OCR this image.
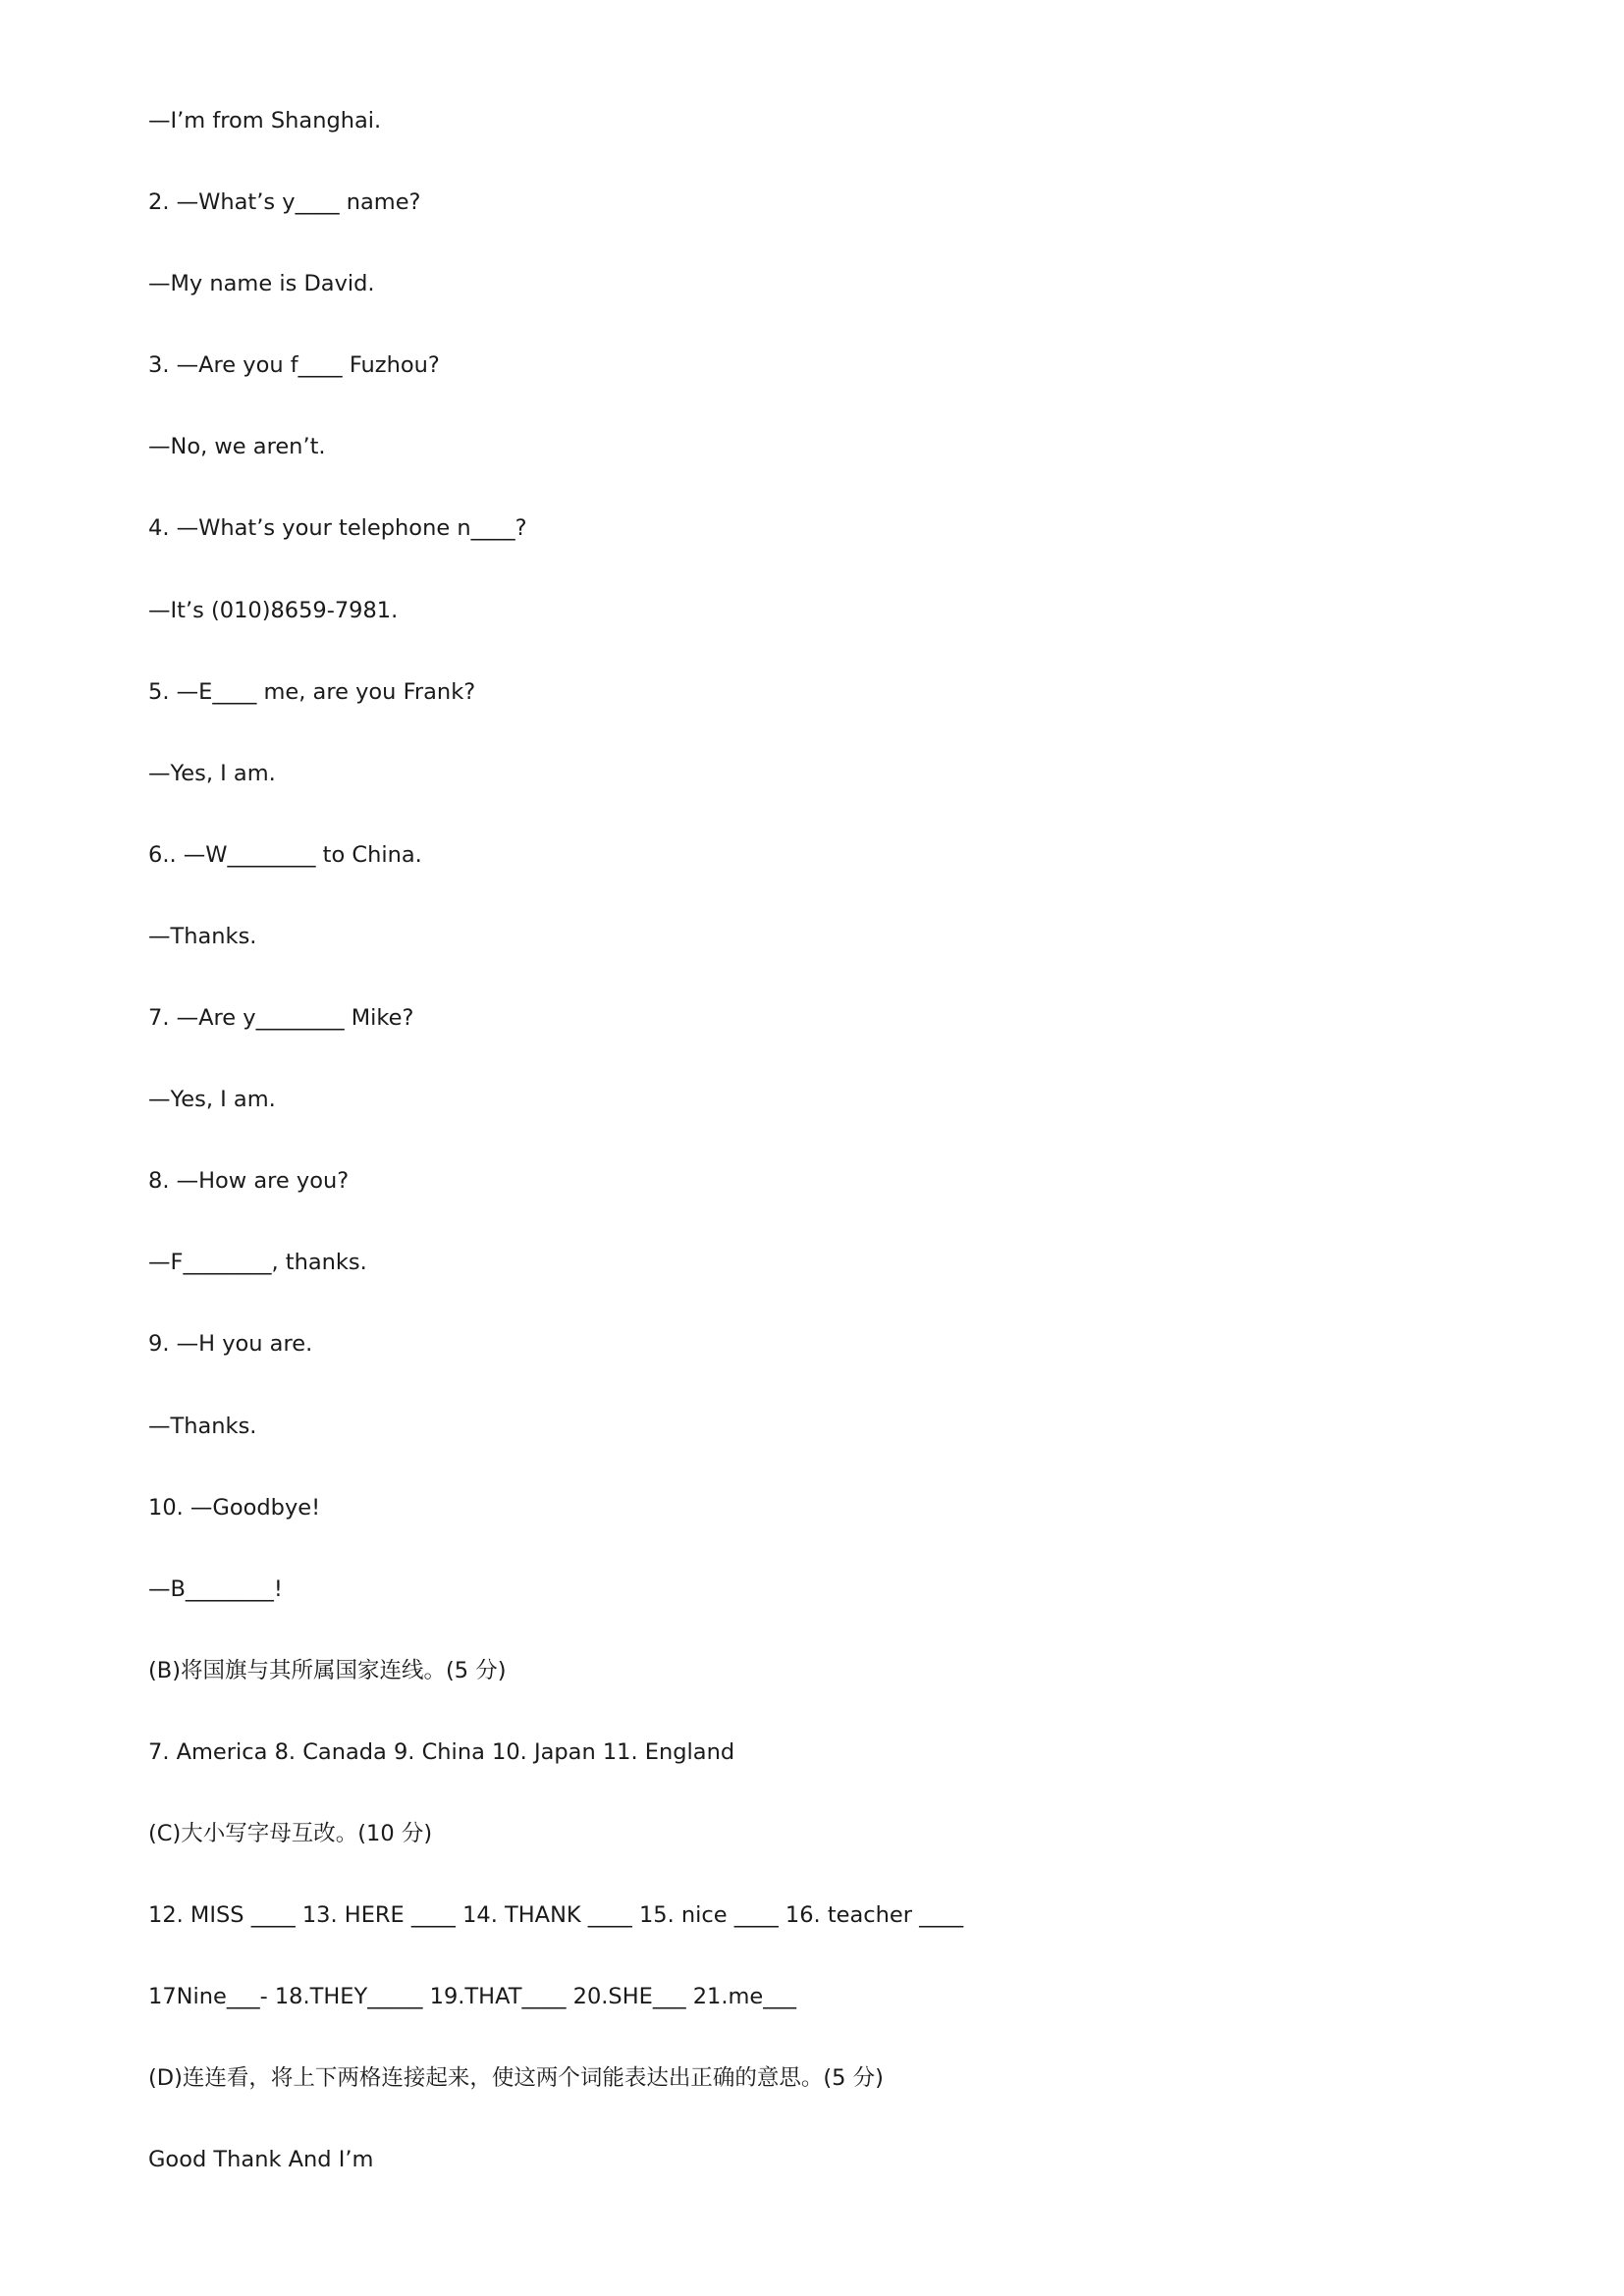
—I’m from Shanghai.
2. —What’s y____ name?
—My name is David.
3. —Are you f____ Fuzhou?
—No, we aren’t.
4. —What’s your telephone n____?
—It’s (010)8659-7981.
5. —E____ me, are you Frank?
—Yes, I am.
6.. —W________ to China.
—Thanks.
7. —Are y________ Mike?
—Yes, I am.
8. —How are you?
—F________, thanks.
9. —H you are.
—Thanks.
10. —Goodbye!
—B________!
(B)将国旗与其所属国家连线。(5 分)
7. America 8. Canada 9. China 10. Japan 11. England
(C)大小写字母互改。(10 分)
12. MISS ____ 13. HERE ____ 14. THANK ____ 15. nice ____ 16. teacher ____
17Nine___- 18.THEY_____ 19.THAT____ 20.SHE___ 21.me___
(D)连连看，将上下两格连接起来，使这两个词能表达出正确的意思。(5 分)
Good Thank And I’m
